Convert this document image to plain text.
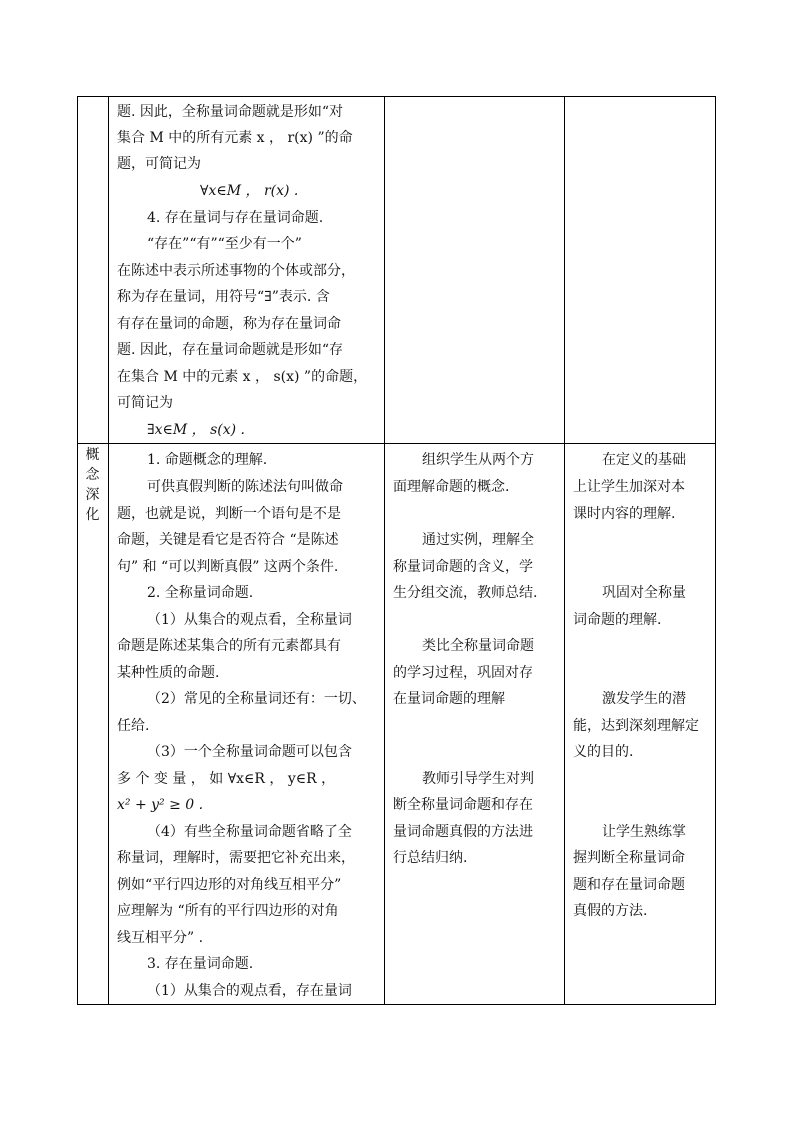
题. 因此，全称量词命题就是形如“对
集合 M 中的所有元素 x ， r(x) ”的命
题，可简记为
∀x∈M ， r(x) .
4. 存在量词与存在量词命题.
“存在”“有”“至少有一个”
在陈述中表示所述事物的个体或部分，
称为存在量词，用符号“∃”表示. 含
有存在量词的命题，称为存在量词命
题. 因此，存在量词命题就是形如“存
在集合 M 中的元素 x ， s(x) ”的命题，
可简记为
∃x∈M ， s(x) .
概
念
深
化
1. 命题概念的理解.
可供真假判断的陈述法句叫做命
题，也就是说，判断一个语句是不是
命题，关键是看它是否符合 “是陈述
句” 和 “可以判断真假” 这两个条件.
2. 全称量词命题.
（1）从集合的观点看，全称量词
命题是陈述某集合的所有元素都具有
某种性质的命题.
（2）常见的全称量词还有：一切、
任给.
（3）一个全称量词命题可以包含
多 个 变 量 ， 如 ∀x∈R ， y∈R ，
x² + y² ≥ 0 .
（4）有些全称量词命题省略了全
称量词，理解时，需要把它补充出来，
例如“平行四边形的对角线互相平分”
应理解为 “所有的平行四边形的对角
线互相平分” .
3. 存在量词命题.
（1）从集合的观点看，存在量词
组织学生从两个方
面理解命题的概念.
通过实例，理解全
称量词命题的含义，学
生分组交流，教师总结.
类比全称量词命题
的学习过程，巩固对存
在量词命题的理解
教师引导学生对判
断全称量词命题和存在
量词命题真假的方法进
行总结归纳.
在定义的基础
上让学生加深对本
课时内容的理解.
巩固对全称量
词命题的理解.
激发学生的潜
能，达到深刻理解定
义的目的.
让学生熟练掌
握判断全称量词命
题和存在量词命题
真假的方法.
